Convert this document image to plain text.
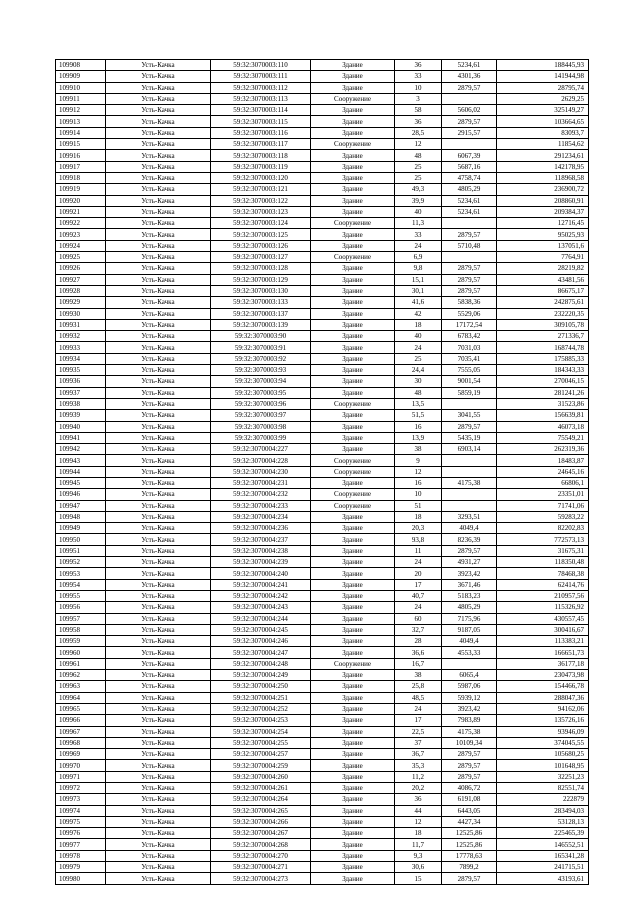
109908	Усть-Качка	59:32:3070003:110	Здание	36	5234,61	188445,93
109909	Усть-Качка	59:32:3070003:111	Здание	33	4301,36	141944,98
109910	Усть-Качка	59:32:3070003:112	Здание	10	2879,57	28795,74
109911	Усть-Качка	59:32:3070003:113	Сооружение	3		2629,25
109912	Усть-Качка	59:32:3070003:114	Здание	58	5606,02	325149,27
109913	Усть-Качка	59:32:3070003:115	Здание	36	2879,57	103664,65
109914	Усть-Качка	59:32:3070003:116	Здание	28,5	2915,57	83093,7
109915	Усть-Качка	59:32:3070003:117	Сооружение	12		11854,62
109916	Усть-Качка	59:32:3070003:118	Здание	48	6067,39	291234,61
109917	Усть-Качка	59:32:3070003:119	Здание	25	5687,16	142178,95
109918	Усть-Качка	59:32:3070003:120	Здание	25	4758,74	118968,58
109919	Усть-Качка	59:32:3070003:121	Здание	49,3	4805,29	236900,72
109920	Усть-Качка	59:32:3070003:122	Здание	39,9	5234,61	208860,91
109921	Усть-Качка	59:32:3070003:123	Здание	40	5234,61	209384,37
109922	Усть-Качка	59:32:3070003:124	Сооружение	11,3		12716,45
109923	Усть-Качка	59:32:3070003:125	Здание	33	2879,57	95025,93
109924	Усть-Качка	59:32:3070003:126	Здание	24	5710,48	137051,6
109925	Усть-Качка	59:32:3070003:127	Сооружение	6,9		7764,91
109926	Усть-Качка	59:32:3070003:128	Здание	9,8	2879,57	28219,82
109927	Усть-Качка	59:32:3070003:129	Здание	15,1	2879,57	43481,56
109928	Усть-Качка	59:32:3070003:130	Здание	30,1	2879,57	86675,17
109929	Усть-Качка	59:32:3070003:133	Здание	41,6	5838,36	242875,61
109930	Усть-Качка	59:32:3070003:137	Здание	42	5529,06	232220,35
109931	Усть-Качка	59:32:3070003:139	Здание	18	17172,54	309105,78
109932	Усть-Качка	59:32:3070003:90	Здание	40	6783,42	271336,7
109933	Усть-Качка	59:32:3070003:91	Здание	24	7031,03	168744,78
109934	Усть-Качка	59:32:3070003:92	Здание	25	7035,41	175885,33
109935	Усть-Качка	59:32:3070003:93	Здание	24,4	7555,05	184343,33
109936	Усть-Качка	59:32:3070003:94	Здание	30	9001,54	270046,15
109937	Усть-Качка	59:32:3070003:95	Здание	48	5859,19	281241,26
109938	Усть-Качка	59:32:3070003:96	Сооружение	13,5		31523,86
109939	Усть-Качка	59:32:3070003:97	Здание	51,5	3041,55	156639,81
109940	Усть-Качка	59:32:3070003:98	Здание	16	2879,57	46073,18
109941	Усть-Качка	59:32:3070003:99	Здание	13,9	5435,19	75549,21
109942	Усть-Качка	59:32:3070004:227	Здание	38	6903,14	262319,36
109943	Усть-Качка	59:32:3070004:228	Сооружение	9		18483,87
109944	Усть-Качка	59:32:3070004:230	Сооружение	12		24645,16
109945	Усть-Качка	59:32:3070004:231	Здание	16	4175,38	66806,1
109946	Усть-Качка	59:32:3070004:232	Сооружение	10		23351,01
109947	Усть-Качка	59:32:3070004:233	Сооружение	51		71741,06
109948	Усть-Качка	59:32:3070004:234	Здание	18	3293,51	59283,22
109949	Усть-Качка	59:32:3070004:236	Здание	20,3	4049,4	82202,83
109950	Усть-Качка	59:32:3070004:237	Здание	93,8	8236,39	772573,13
109951	Усть-Качка	59:32:3070004:238	Здание	11	2879,57	31675,31
109952	Усть-Качка	59:32:3070004:239	Здание	24	4931,27	118350,48
109953	Усть-Качка	59:32:3070004:240	Здание	20	3923,42	78468,38
109954	Усть-Качка	59:32:3070004:241	Здание	17	3671,46	62414,76
109955	Усть-Качка	59:32:3070004:242	Здание	40,7	5183,23	210957,56
109956	Усть-Качка	59:32:3070004:243	Здание	24	4805,29	115326,92
109957	Усть-Качка	59:32:3070004:244	Здание	60	7175,96	430557,45
109958	Усть-Качка	59:32:3070004:245	Здание	32,7	9187,05	300416,67
109959	Усть-Качка	59:32:3070004:246	Здание	28	4049,4	113383,21
109960	Усть-Качка	59:32:3070004:247	Здание	36,6	4553,33	166651,73
109961	Усть-Качка	59:32:3070004:248	Сооружение	16,7		36177,18
109962	Усть-Качка	59:32:3070004:249	Здание	38	6065,4	230473,98
109963	Усть-Качка	59:32:3070004:250	Здание	25,8	5987,06	154466,78
109964	Усть-Качка	59:32:3070004:251	Здание	48,5	5939,12	288047,36
109965	Усть-Качка	59:32:3070004:252	Здание	24	3923,42	94162,06
109966	Усть-Качка	59:32:3070004:253	Здание	17	7983,89	135726,16
109967	Усть-Качка	59:32:3070004:254	Здание	22,5	4175,38	93946,09
109968	Усть-Качка	59:32:3070004:255	Здание	37	10109,34	374045,55
109969	Усть-Качка	59:32:3070004:257	Здание	36,7	2879,57	105680,25
109970	Усть-Качка	59:32:3070004:259	Здание	35,3	2879,57	101648,95
109971	Усть-Качка	59:32:3070004:260	Здание	11,2	2879,57	32251,23
109972	Усть-Качка	59:32:3070004:261	Здание	20,2	4086,72	82551,74
109973	Усть-Качка	59:32:3070004:264	Здание	36	6191,08	222879
109974	Усть-Качка	59:32:3070004:265	Здание	44	6443,05	283494,03
109975	Усть-Качка	59:32:3070004:266	Здание	12	4427,34	53128,13
109976	Усть-Качка	59:32:3070004:267	Здание	18	12525,86	225465,39
109977	Усть-Качка	59:32:3070004:268	Здание	11,7	12525,86	146552,51
109978	Усть-Качка	59:32:3070004:270	Здание	9,3	17778,63	165341,28
109979	Усть-Качка	59:32:3070004:271	Здание	30,6	7899,2	241715,51
109980	Усть-Качка	59:32:3070004:273	Здание	15	2879,57	43193,61
